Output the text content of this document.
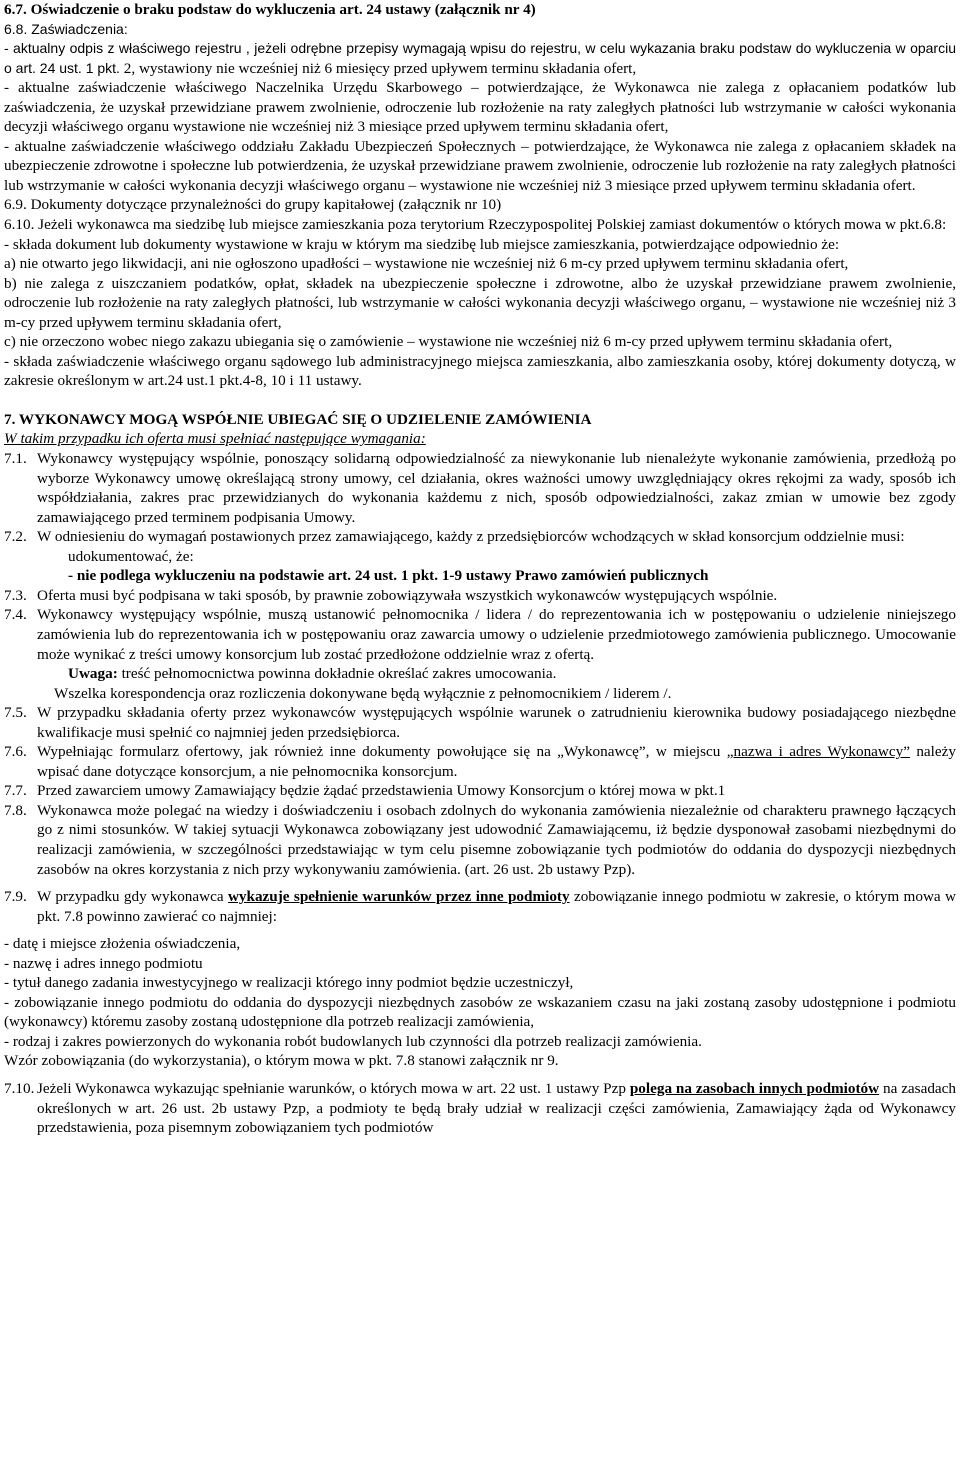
6.7. Oświadczenie o braku podstaw do wykluczenia art. 24 ustawy (załącznik nr 4)

6.8. Zaświadczenia:

- aktualny odpis z właściwego rejestru , jeżeli odrębne przepisy wymagają wpisu do rejestru, w celu wykazania braku podstaw do wykluczenia w oparciu o art. 24 ust. 1 pkt. 2, wystawiony nie wcześniej niż 6 miesięcy przed upływem terminu składania ofert,

- aktualne zaświadczenie właściwego Naczelnika Urzędu Skarbowego – potwierdzające, że Wykonawca nie zalega z opłacaniem podatków lub zaświadczenia, że uzyskał przewidziane prawem zwolnienie, odroczenie lub rozłożenie na raty zaległych płatności lub wstrzymanie w całości wykonania decyzji właściwego organu wystawione nie wcześniej niż 3 miesiące przed upływem terminu składania ofert,

- aktualne zaświadczenie właściwego oddziału Zakładu Ubezpieczeń Społecznych – potwierdzające, że Wykonawca nie zalega z opłacaniem składek na ubezpieczenie zdrowotne i społeczne lub potwierdzenia, że uzyskał przewidziane prawem zwolnienie, odroczenie lub rozłożenie na raty zaległych płatności lub wstrzymanie w całości wykonania decyzji właściwego organu – wystawione nie wcześniej niż 3 miesiące przed upływem terminu składania ofert.

6.9. Dokumenty dotyczące przynależności do grupy kapitałowej (załącznik nr 10)

6.10. Jeżeli wykonawca ma siedzibę lub miejsce zamieszkania poza terytorium Rzeczypospolitej Polskiej zamiast dokumentów o których mowa w pkt.6.8:

- składa dokument lub dokumenty wystawione w kraju w którym ma siedzibę lub miejsce zamieszkania, potwierdzające odpowiednio że:

a) nie otwarto jego likwidacji, ani nie ogłoszono upadłości – wystawione nie wcześniej niż 6 m-cy przed upływem terminu składania ofert,

b) nie zalega z uiszczaniem podatków, opłat, składek na ubezpieczenie społeczne i zdrowotne, albo że uzyskał przewidziane prawem zwolnienie, odroczenie lub rozłożenie na raty zaległych płatności, lub wstrzymanie w całości wykonania decyzji właściwego organu, – wystawione nie wcześniej niż 3 m-cy przed upływem terminu składania ofert,

c) nie orzeczono wobec niego zakazu ubiegania się o zamówienie – wystawione nie wcześniej niż 6 m-cy przed upływem terminu składania ofert,

- składa zaświadczenie właściwego organu sądowego lub administracyjnego miejsca zamieszkania, albo zamieszkania osoby, której dokumenty dotyczą, w zakresie określonym w art.24 ust.1 pkt.4-8, 10 i 11 ustawy.

7. WYKONAWCY MOGĄ WSPÓŁNIE UBIEGAĆ SIĘ O UDZIELENIE ZAMÓWIENIA

W takim przypadku ich oferta musi spełniać następujące wymagania:

7.1. Wykonawcy występujący wspólnie, ponoszący solidarną odpowiedzialność za niewykonanie lub nienależyte wykonanie zamówienia, przedłożą po wyborze Wykonawcy umowę określającą strony umowy, cel działania, okres ważności umowy uwzględniający okres rękojmi za wady, sposób ich współdziałania, zakres prac przewidzianych do wykonania każdemu z nich, sposób odpowiedzialności, zakaz zmian w umowie bez zgody zamawiającego przed terminem podpisania Umowy.
7.2. W odniesieniu do wymagań postawionych przez zamawiającego, każdy z przedsiębiorców wchodzących w skład konsorcjum oddzielnie musi:

udokumentować, że:

- nie podlega wykluczeniu na podstawie art. 24 ust. 1 pkt. 1-9 ustawy Prawo zamówień publicznych

7.3. Oferta musi być podpisana w taki sposób, by prawnie zobowiązywała wszystkich wykonawców występujących wspólnie.
7.4. Wykonawcy występujący wspólnie, muszą ustanowić pełnomocnika / lidera / do reprezentowania ich w postępowaniu o udzielenie niniejszego zamówienia lub do reprezentowania ich w postępowaniu oraz zawarcia umowy o udzielenie przedmiotowego zamówienia publicznego. Umocowanie może wynikać z treści umowy konsorcjum lub zostać przedłożone oddzielnie wraz z ofertą.

Uwaga: treść pełnomocnictwa powinna dokładnie określać zakres umocowania.

Wszelka korespondencja oraz rozliczenia dokonywane będą wyłącznie z pełnomocnikiem / liderem /.

7.5. W przypadku składania oferty przez wykonawców występujących wspólnie warunek o zatrudnieniu kierownika budowy posiadającego niezbędne kwalifikacje musi spełnić co najmniej jeden przedsiębiorca.
7.6. Wypełniając formularz ofertowy, jak również inne dokumenty powołujące się na „Wykonawcę”, w miejscu „nazwa i adres Wykonawcy” należy wpisać dane dotyczące konsorcjum, a nie pełnomocnika konsorcjum.
7.7. Przed zawarciem umowy Zamawiający będzie żądać przedstawienia Umowy Konsorcjum o której mowa w pkt.1
7.8. Wykonawca może polegać na wiedzy i doświadczeniu i osobach zdolnych do wykonania zamówienia niezależnie od charakteru prawnego łączących go z nimi stosunków. W takiej sytuacji Wykonawca zobowiązany jest udowodnić Zamawiającemu, iż będzie dysponował zasobami niezbędnymi do realizacji zamówienia, w szczególności przedstawiając w tym celu pisemne zobowiązanie tych podmiotów do oddania do dyspozycji niezbędnych zasobów na okres korzystania z nich przy wykonywaniu zamówienia. (art. 26 ust. 2b ustawy Pzp).
7.9. W przypadku gdy wykonawca wykazuje spełnienie warunków przez inne podmioty zobowiązanie innego podmiotu w zakresie, o którym mowa w pkt. 7.8 powinno zawierać co najmniej:

- datę i miejsce złożenia oświadczenia,

- nazwę i adres innego podmiotu

- tytuł danego zadania inwestycyjnego w realizacji którego inny podmiot będzie uczestniczył,

- zobowiązanie innego podmiotu do oddania do dyspozycji niezbędnych zasobów ze wskazaniem czasu na jaki zostaną zasoby udostępnione i podmiotu (wykonawcy) któremu zasoby zostaną udostępnione dla potrzeb realizacji zamówienia,

- rodzaj i zakres powierzonych do wykonania robót budowlanych lub czynności dla potrzeb realizacji zamówienia.

Wzór zobowiązania (do wykorzystania), o którym mowa w pkt. 7.8 stanowi załącznik nr 9.

7.10. Jeżeli Wykonawca wykazując spełnianie warunków, o których mowa w art. 22 ust. 1 ustawy Pzp polega na zasobach innych podmiotów na zasadach określonych w art. 26 ust. 2b ustawy Pzp, a podmioty te będą brały udział w realizacji części zamówienia, Zamawiający żąda od Wykonawcy przedstawienia, poza pisemnym zobowiązaniem tych podmiotów
